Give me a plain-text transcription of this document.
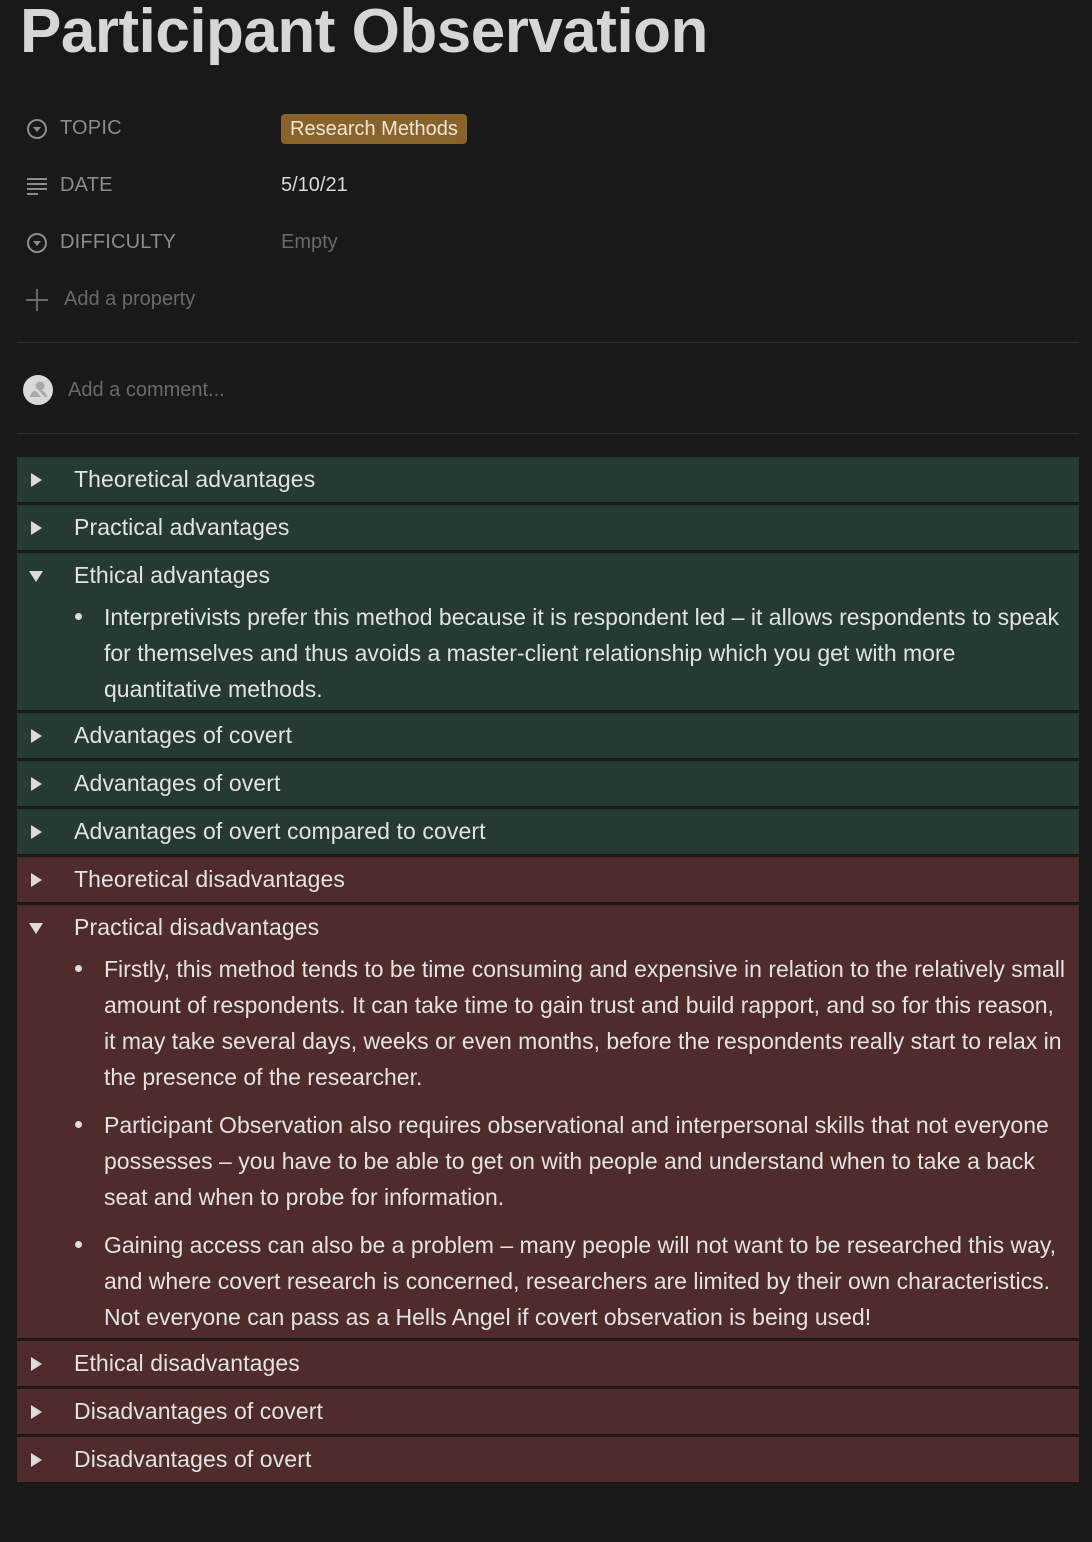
Participant Observation
TOPIC	Research Methods
DATE	5/10/21
DIFFICULTY	Empty
Add a property
Add a comment...
Theoretical advantages
Practical advantages
Ethical advantages
Interpretivists prefer this method because it is respondent led – it allows respondents to speak for themselves and thus avoids a master-client relationship which you get with more quantitative methods.
Advantages of covert
Advantages of overt
Advantages of overt compared to covert
Theoretical disadvantages
Practical disadvantages
Firstly, this method tends to be time consuming and expensive in relation to the relatively small amount of respondents. It can take time to gain trust and build rapport, and so for this reason, it may take several days, weeks or even months, before the respondents really start to relax in the presence of the researcher.
Participant Observation also requires observational and interpersonal skills that not everyone possesses – you have to be able to get on with people and understand when to take a back seat and when to probe for information.
Gaining access can also be a problem – many people will not want to be researched this way, and where covert research is concerned, researchers are limited by their own characteristics. Not everyone can pass as a Hells Angel if covert observation is being used!
Ethical disadvantages
Disadvantages of covert
Disadvantages of overt
